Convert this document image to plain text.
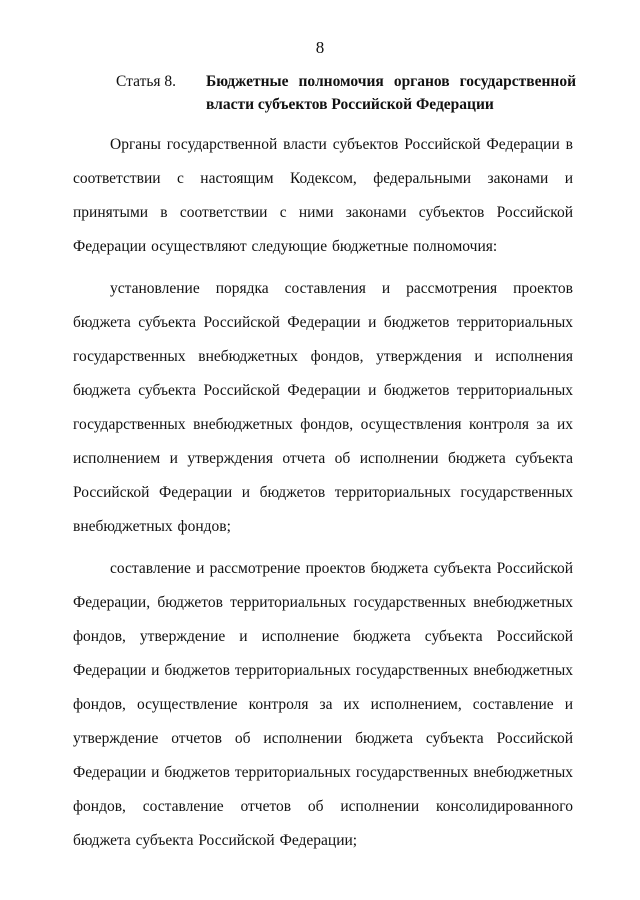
8
Статья 8. Бюджетные полномочия органов государственной власти субъектов Российской Федерации

Органы государственной власти субъектов Российской Федерации в соответствии с настоящим Кодексом, федеральными законами и принятыми в соответствии с ними законами субъектов Российской Федерации осуществляют следующие бюджетные полномочия:

установление порядка составления и рассмотрения проектов бюджета субъекта Российской Федерации и бюджетов территориальных государственных внебюджетных фондов, утверждения и исполнения бюджета субъекта Российской Федерации и бюджетов территориальных государственных внебюджетных фондов, осуществления контроля за их исполнением и утверждения отчета об исполнении бюджета субъекта Российской Федерации и бюджетов территориальных государственных внебюджетных фондов;

составление и рассмотрение проектов бюджета субъекта Российской Федерации, бюджетов территориальных государственных внебюджетных фондов, утверждение и исполнение бюджета субъекта Российской Федерации и бюджетов территориальных государственных внебюджетных фондов, осуществление контроля за их исполнением, составление и утверждение отчетов об исполнении бюджета субъекта Российской Федерации и бюджетов территориальных государственных внебюджетных фондов, составление отчетов об исполнении консолидированного бюджета субъекта Российской Федерации;
